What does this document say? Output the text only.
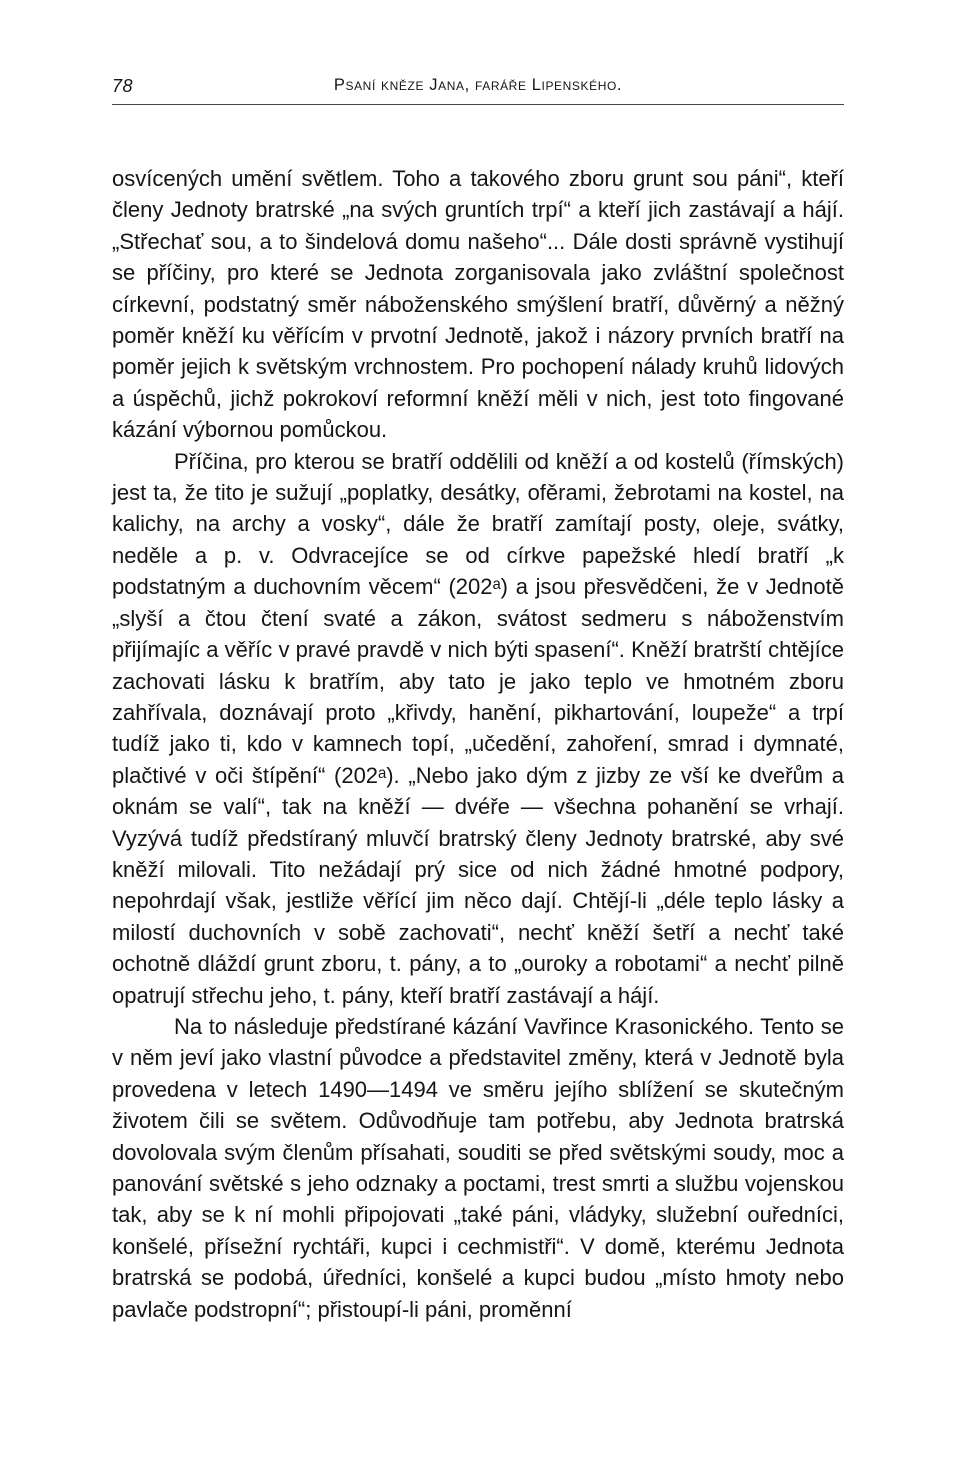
78	Psaní kněze Jana, faráře Lipenského.

osvícených umění světlem. Toho a takového zboru grunt sou páni“, kteří členy Jednoty bratrské „na svých gruntích trpí“ a kteří jich zastávají a hájí. „Střechať sou, a to šindelová domu našeho“... Dále dosti správně vystihují se příčiny, pro které se Jednota zorganisovala jako zvláštní společnost církevní, podstatný směr náboženského smýšlení bratří, důvěrný a něžný poměr kněží ku věřícím v prvotní Jednotě, jakož i názory prvních bratří na poměr jejich k světským vrchnostem. Pro pochopení nálady kruhů lidových a úspěchů, jichž pokrokoví reformní kněží měli v nich, jest toto fingované kázání výbornou pomůckou.

Příčina, pro kterou se bratří oddělili od kněží a od kostelů (římských) jest ta, že tito je sužují „poplatky, desátky, ofěrami, žebrotami na kostel, na kalichy, na archy a vosky“, dále že bratří zamítají posty, oleje, svátky, neděle a p. v. Odvracejíce se od církve papežské hledí bratří „k podstatným a duchovním věcem“ (202ᵃ) a jsou přesvědčeni, že v Jednotě „slyší a čtou čtení svaté a zákon, svátost sedmeru s náboženstvím přijímajíc a věříc v pravé pravdě v nich býti spasení“. Kněží bratrští chtějíce zachovati lásku k bratřím, aby tato je jako teplo ve hmotném zboru zahřívala, doznávají proto „křivdy, hanění, pikhartování, loupeže“ a trpí tudíž jako ti, kdo v kamnech topí, „učedění, zahoření, smrad i dymnaté, plačtivé v oči štípění“ (202ᵃ). „Nebo jako dým z jizby ze vší ke dveřům a oknám se valí“, tak na kněží — dvéře — všechna pohanění se vrhají. Vyzývá tudíž předstíraný mluvčí bratrský členy Jednoty bratrské, aby své kněží milovali. Tito nežádají prý sice od nich žádné hmotné podpory, nepohrdají však, jestliže věřící jim něco dají. Chtějí-li „déle teplo lásky a milostí duchovních v sobě zachovati“, nechť kněží šetří a nechť také ochotně dláždí grunt zboru, t. pány, a to „ouroky a robotami“ a nechť pilně opatrují střechu jeho, t. pány, kteří bratří zastávají a hájí.

Na to následuje předstírané kázání Vavřince Krasonického. Tento se v něm jeví jako vlastní původce a představitel změny, která v Jednotě byla provedena v letech 1490—1494 ve směru jejího sblížení se skutečným životem čili se světem. Odůvodňuje tam potřebu, aby Jednota bratrská dovolovala svým členům přísahati, souditi se před světskými soudy, moc a panování světské s jeho odznaky a poctami, trest smrti a službu vojenskou tak, aby se k ní mohli připojovati „také páni, vládyky, služební ouředníci, konšelé, přísežní rychtáři, kupci i cechmistři“. V domě, kterému Jednota bratrská se podobá, úředníci, konšelé a kupci budou „místo hmoty nebo pavlače podstropní“; přistoupí-li páni, proměnní
